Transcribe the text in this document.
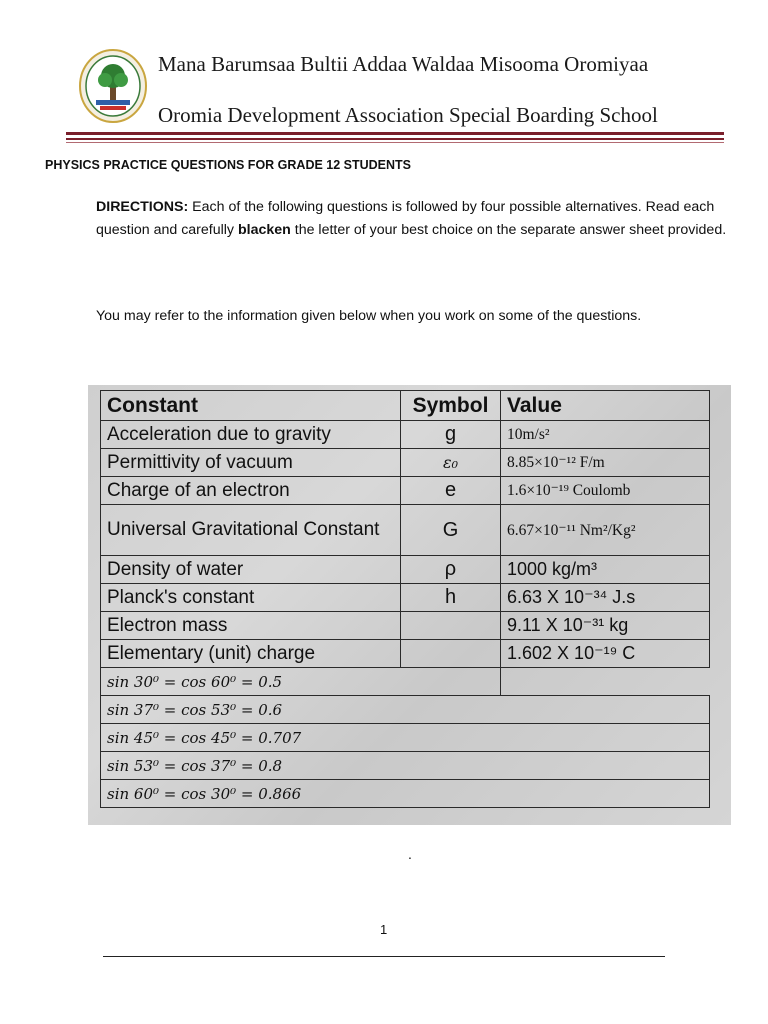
Mana Barumsaa Bultii Addaa Waldaa Misooma Oromiyaa
Oromia Development Association Special Boarding School
PHYSICS PRACTICE QUESTIONS FOR GRADE 12 STUDENTS
DIRECTIONS: Each of the following questions is followed by four possible alternatives. Read each question and carefully blacken the letter of your best choice on the separate answer sheet provided.
You may refer to the information given below when you work on some of the questions.
Constant	Symbol	Value
Acceleration due to gravity	g	10m/s²
Permittivity of vacuum	ε₀	8.85×10⁻¹² F/m
Charge of an electron	e	1.6×10⁻¹⁹ Coulomb
Universal Gravitational Constant	G	6.67×10⁻¹¹ Nm²/Kg²
Density of water	ρ	1000 kg/m³
Planck's constant	h	6.63 X 10⁻³⁴ J.s
Electron mass		9.11 X 10⁻³¹ kg
Elementary (unit) charge		1.602 X 10⁻¹⁹ C
sin 30⁰ = cos 60⁰ = 0.5		
sin 37⁰ = cos 53⁰ = 0.6		
sin 45⁰ = cos 45⁰ = 0.707		
sin 53⁰ = cos 37⁰ = 0.8		
sin 60⁰ = cos 30⁰ = 0.866		
.
1
